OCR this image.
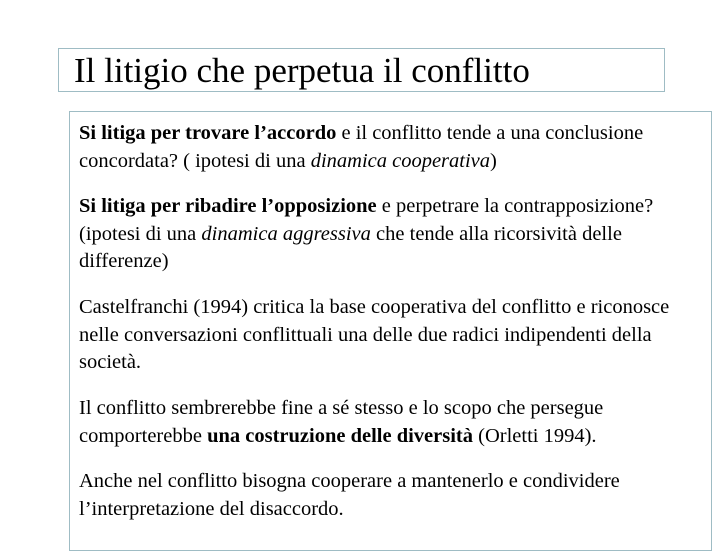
Il litigio che perpetua il conflitto

Si litiga per trovare l’accordo e il conflitto tende a una conclusione concordata? ( ipotesi di una dinamica cooperativa)

Si litiga per ribadire l’opposizione e perpetrare la contrapposizione? (ipotesi di una dinamica aggressiva che tende alla ricorsività delle differenze)

Castelfranchi (1994) critica la base cooperativa del conflitto e riconosce nelle conversazioni conflittuali una delle due radici indipendenti della società.

Il conflitto sembrerebbe fine a sé stesso e lo scopo che persegue comporterebbe una costruzione delle diversità (Orletti 1994).

Anche nel conflitto bisogna cooperare a mantenerlo e condividere l’interpretazione del disaccordo.
